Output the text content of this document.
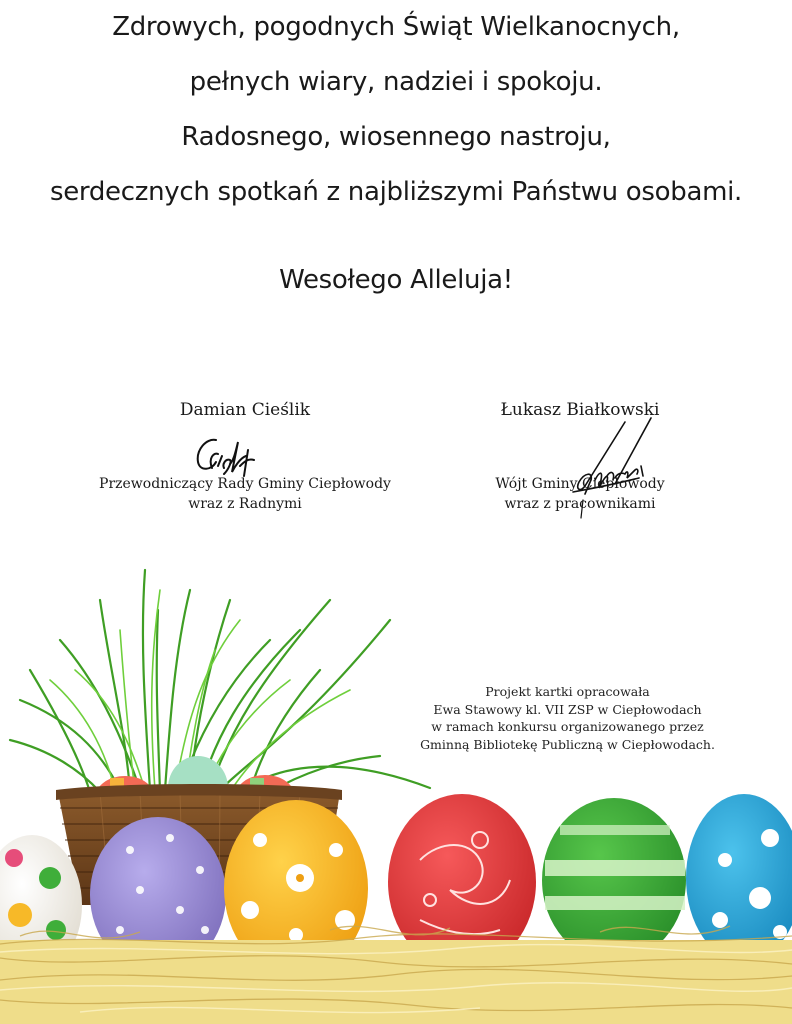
Zdrowych, pogodnych Świąt Wielkanocnych,
pełnych wiary, nadziei i spokoju.
Radosnego, wiosennego nastroju,
serdecznych spotkań z najbliższymi Państwu osobami.
Wesołego Alleluja!
Damian Cieślik
Przewodniczący Rady Gminy Ciepłowody
wraz z Radnymi
Łukasz Białkowski
Wójt Gminy Ciepłowody
wraz z pracownikami
Projekt kartki opracowała
Ewa Stawowy kl. VII ZSP w Ciepłowodach
w ramach konkursu organizowanego przez
Gminną Bibliotekę Publiczną w Ciepłowodach.
